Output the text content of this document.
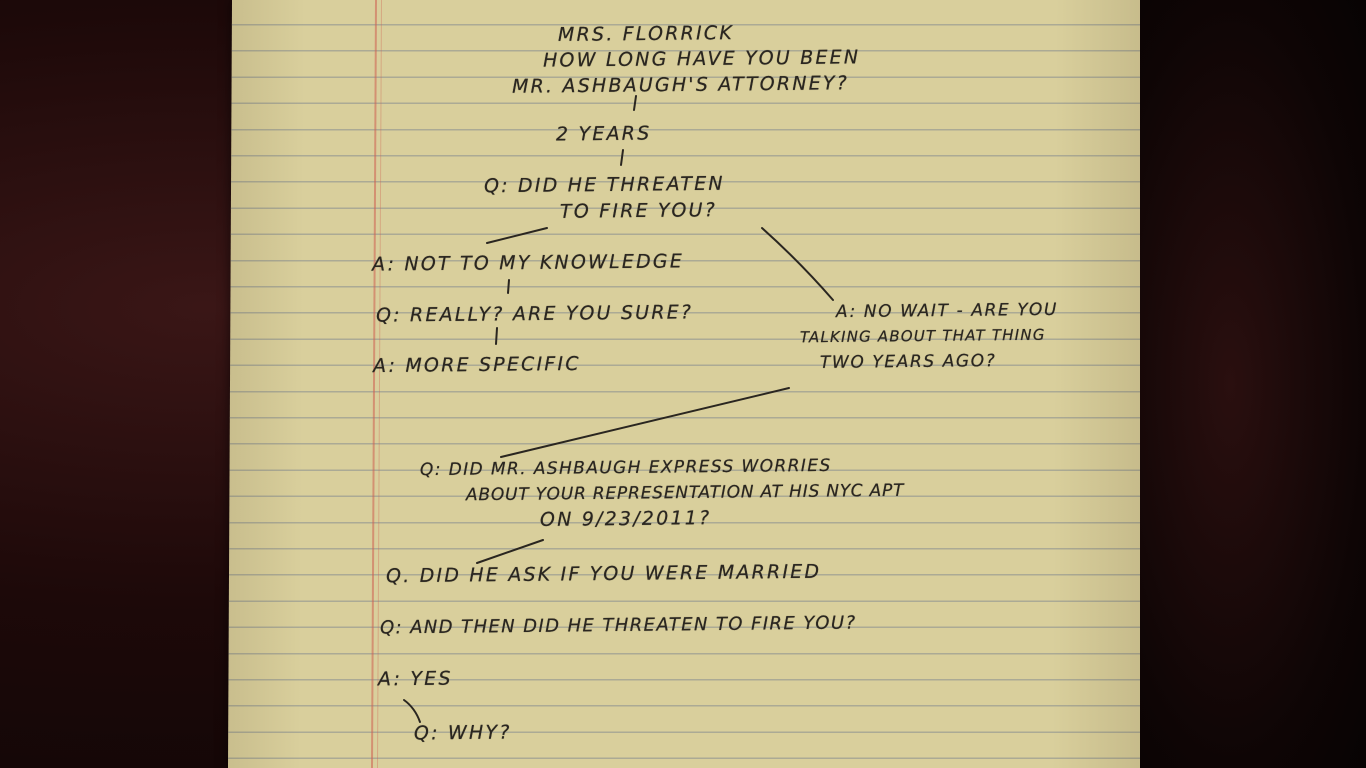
MRS. FLORRICK

HOW LONG HAVE YOU BEEN

MR. ASHBAUGH'S ATTORNEY?

2 YEARS

Q: DID HE THREATEN

TO FIRE YOU?

A: NOT TO MY KNOWLEDGE

Q: REALLY? ARE YOU SURE?

A: MORE SPECIFIC

A: NO WAIT - ARE YOU

TALKING ABOUT THAT THING

TWO YEARS AGO?

Q: DID MR. ASHBAUGH EXPRESS WORRIES

ABOUT YOUR REPRESENTATION AT HIS NYC APT

ON 9/23/2011?

Q. DID HE ASK IF YOU WERE MARRIED

Q: AND THEN DID HE THREATEN TO FIRE YOU?

A: YES

Q: WHY?
